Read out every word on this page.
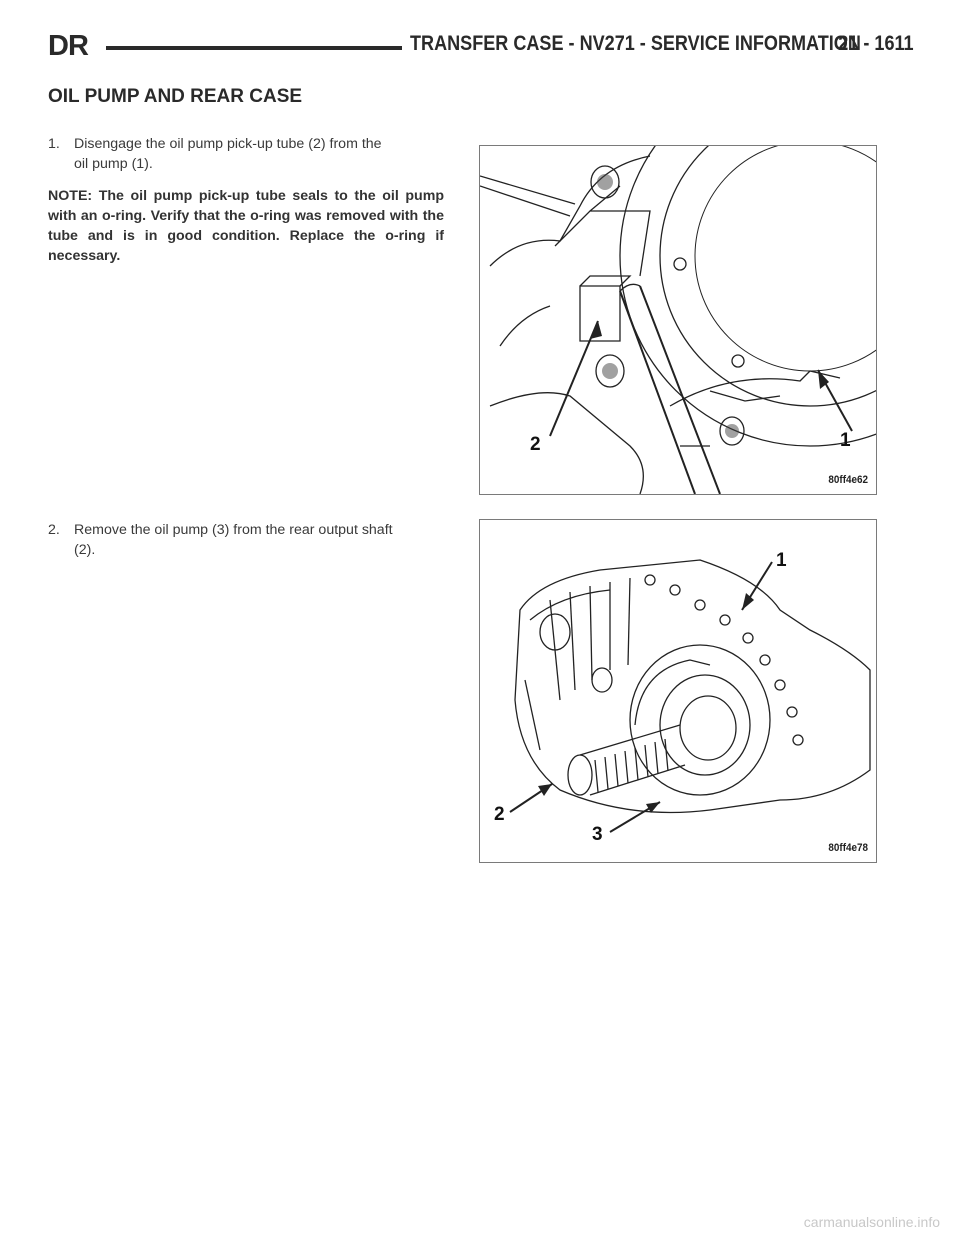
DR	TRANSFER CASE - NV271 - SERVICE INFORMATION
21 - 1611
OIL PUMP AND REAR CASE
1. Disengage the oil pump pick-up tube (2) from the
oil pump (1).

NOTE: The oil pump pick-up tube seals to the oil pump with an o-ring. Verify that the o-ring was removed with the tube and is in good condition. Replace the o-ring if necessary.

2. Remove the oil pump (3) from the rear output shaft
(2).
2	1
80ff4e62
1
2
3
80ff4e78
carmanualsonline.info
